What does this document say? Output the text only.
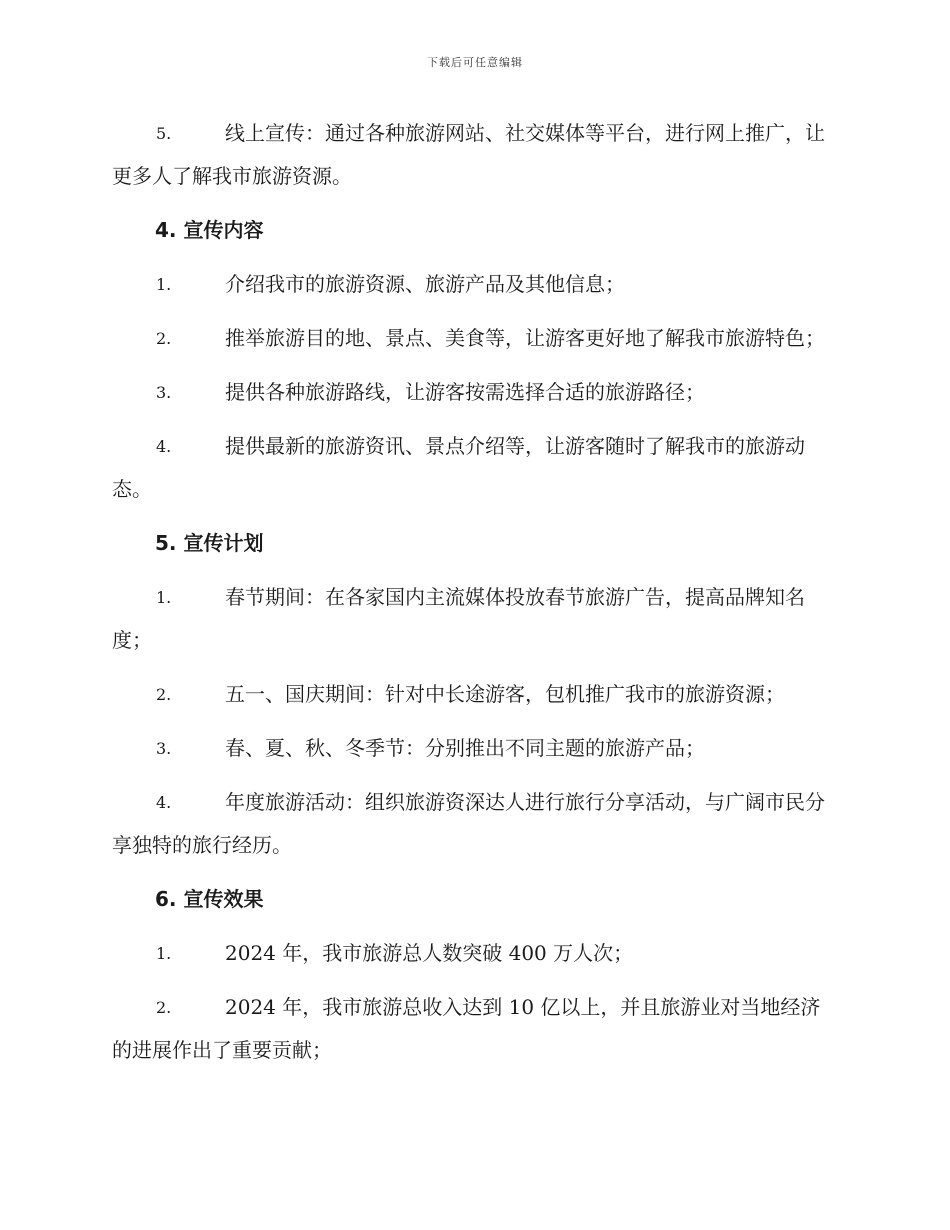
下载后可任意编辑
5.	线上宣传：通过各种旅游网站、社交媒体等平台，进行网上推广，让更多人了解我市旅游资源。
4. 宣传内容
1.	介绍我市的旅游资源、旅游产品及其他信息；
2.	推举旅游目的地、景点、美食等，让游客更好地了解我市旅游特色；
3.	提供各种旅游路线，让游客按需选择合适的旅游路径；
4.	提供最新的旅游资讯、景点介绍等，让游客随时了解我市的旅游动态。
5. 宣传计划
1.	春节期间：在各家国内主流媒体投放春节旅游广告，提高品牌知名度；
2.	五一、国庆期间：针对中长途游客，包机推广我市的旅游资源；
3.	春、夏、秋、冬季节：分别推出不同主题的旅游产品；
4.	年度旅游活动：组织旅游资深达人进行旅行分享活动，与广阔市民分享独特的旅行经历。
6. 宣传效果
1.	2024 年，我市旅游总人数突破 400 万人次；
2.	2024 年，我市旅游总收入达到 10 亿以上，并且旅游业对当地经济的进展作出了重要贡献；
